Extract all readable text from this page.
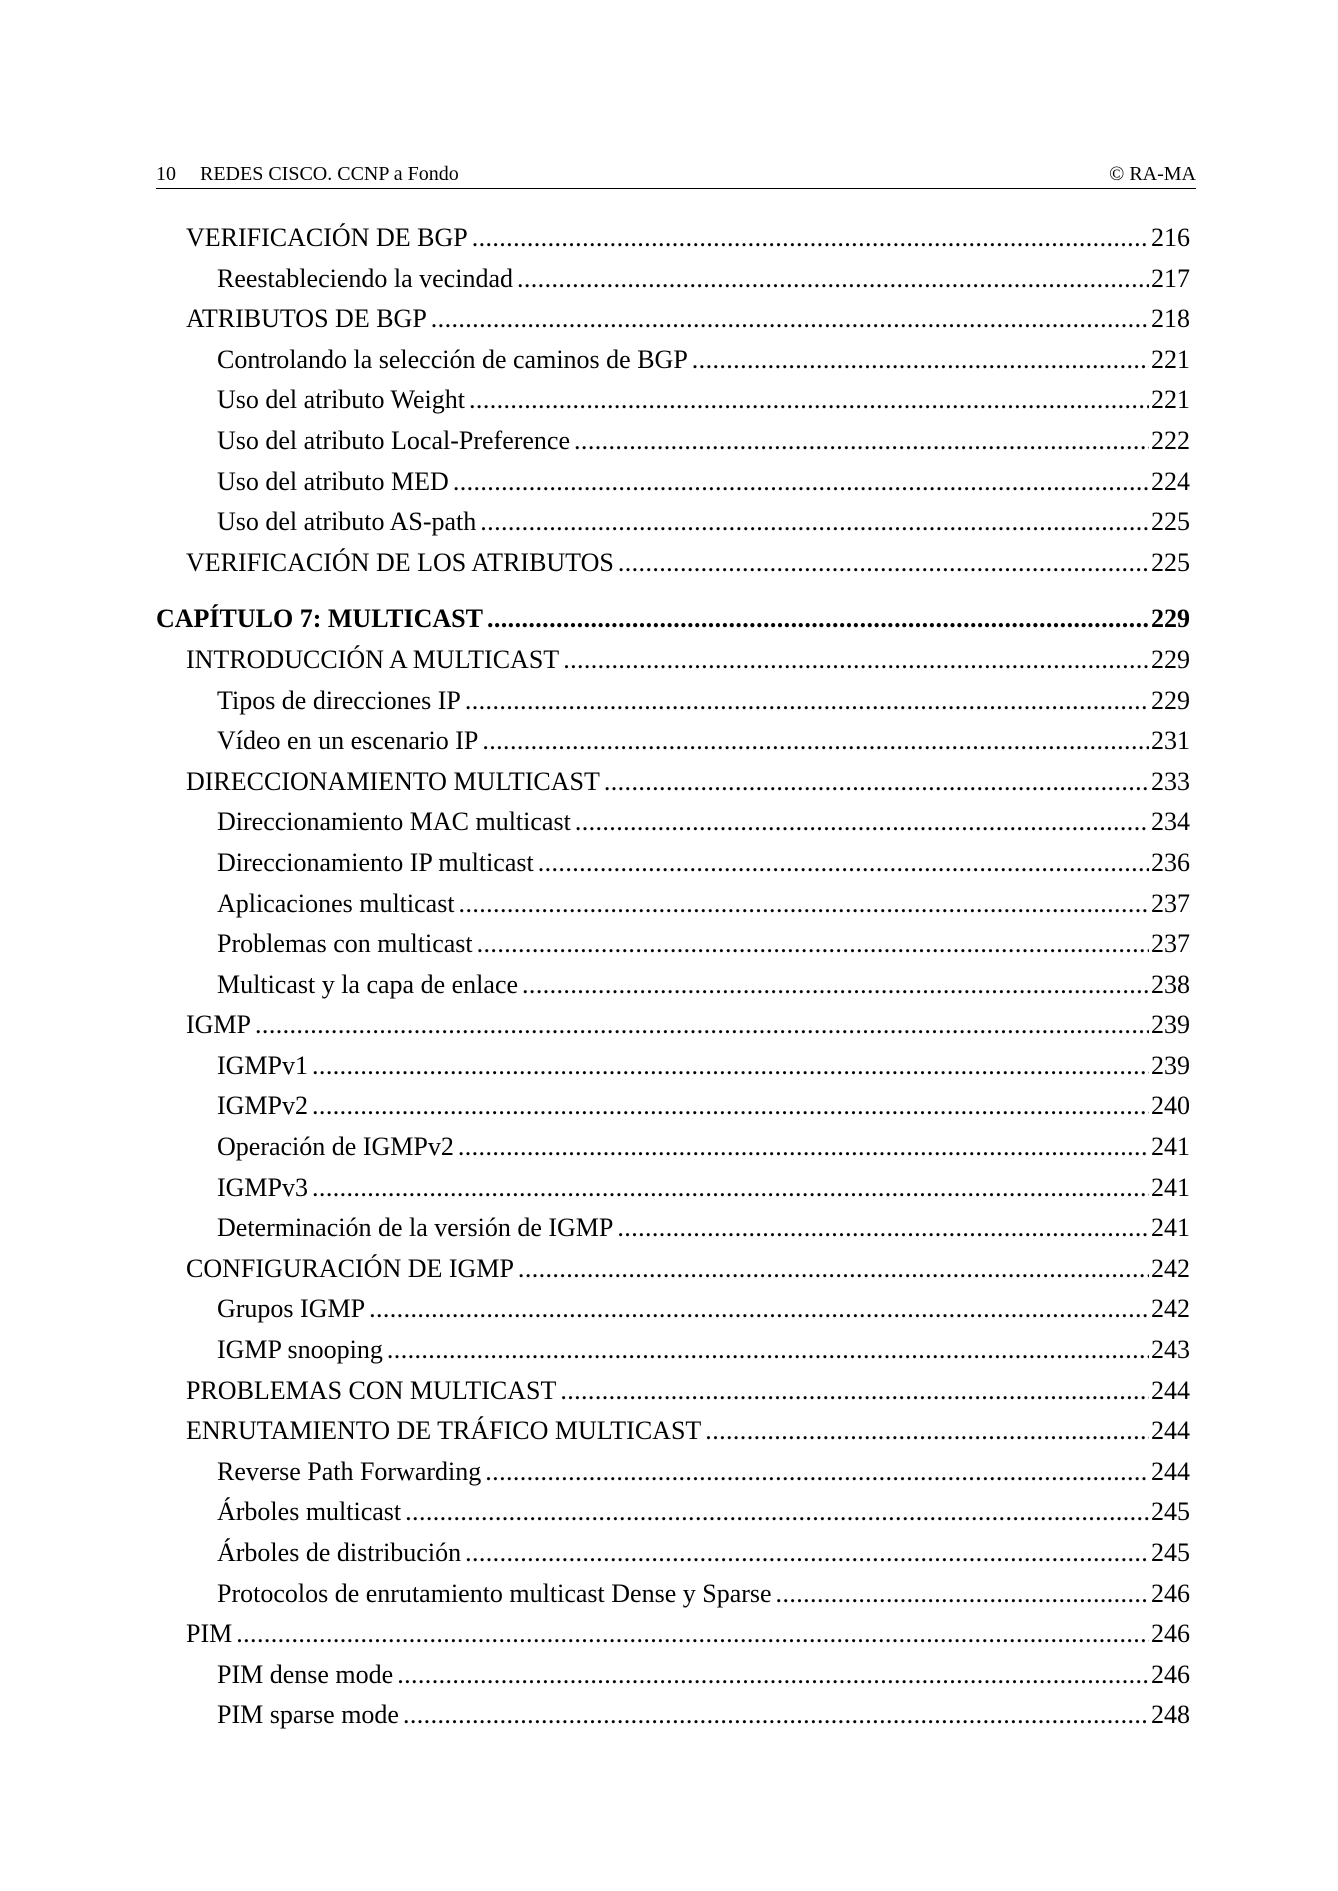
10 REDES CISCO. CCNP a Fondo	© RA-MA
VERIFICACIÓN DE BGP .....	216
Reestableciendo la vecindad .....	217
ATRIBUTOS DE BGP .....	218
Controlando la selección de caminos de BGP .....	221
Uso del atributo Weight .....	221
Uso del atributo Local-Preference .....	222
Uso del atributo MED .....	224
Uso del atributo AS-path .....	225
VERIFICACIÓN DE LOS ATRIBUTOS .....	225
CAPÍTULO 7: MULTICAST .....	229
INTRODUCCIÓN A MULTICAST .....	229
Tipos de direcciones IP .....	229
Vídeo en un escenario IP .....	231
DIRECCIONAMIENTO MULTICAST .....	233
Direccionamiento MAC multicast .....	234
Direccionamiento IP multicast .....	236
Aplicaciones multicast .....	237
Problemas con multicast .....	237
Multicast y la capa de enlace .....	238
IGMP .....	239
IGMPv1 .....	239
IGMPv2 .....	240
Operación de IGMPv2 .....	241
IGMPv3 .....	241
Determinación de la versión de IGMP .....	241
CONFIGURACIÓN DE IGMP .....	242
Grupos IGMP .....	242
IGMP snooping .....	243
PROBLEMAS CON MULTICAST .....	244
ENRUTAMIENTO DE TRÁFICO MULTICAST .....	244
Reverse Path Forwarding .....	244
Árboles multicast .....	245
Árboles de distribución .....	245
Protocolos de enrutamiento multicast Dense y Sparse .....	246
PIM .....	246
PIM dense mode .....	246
PIM sparse mode .....	248
